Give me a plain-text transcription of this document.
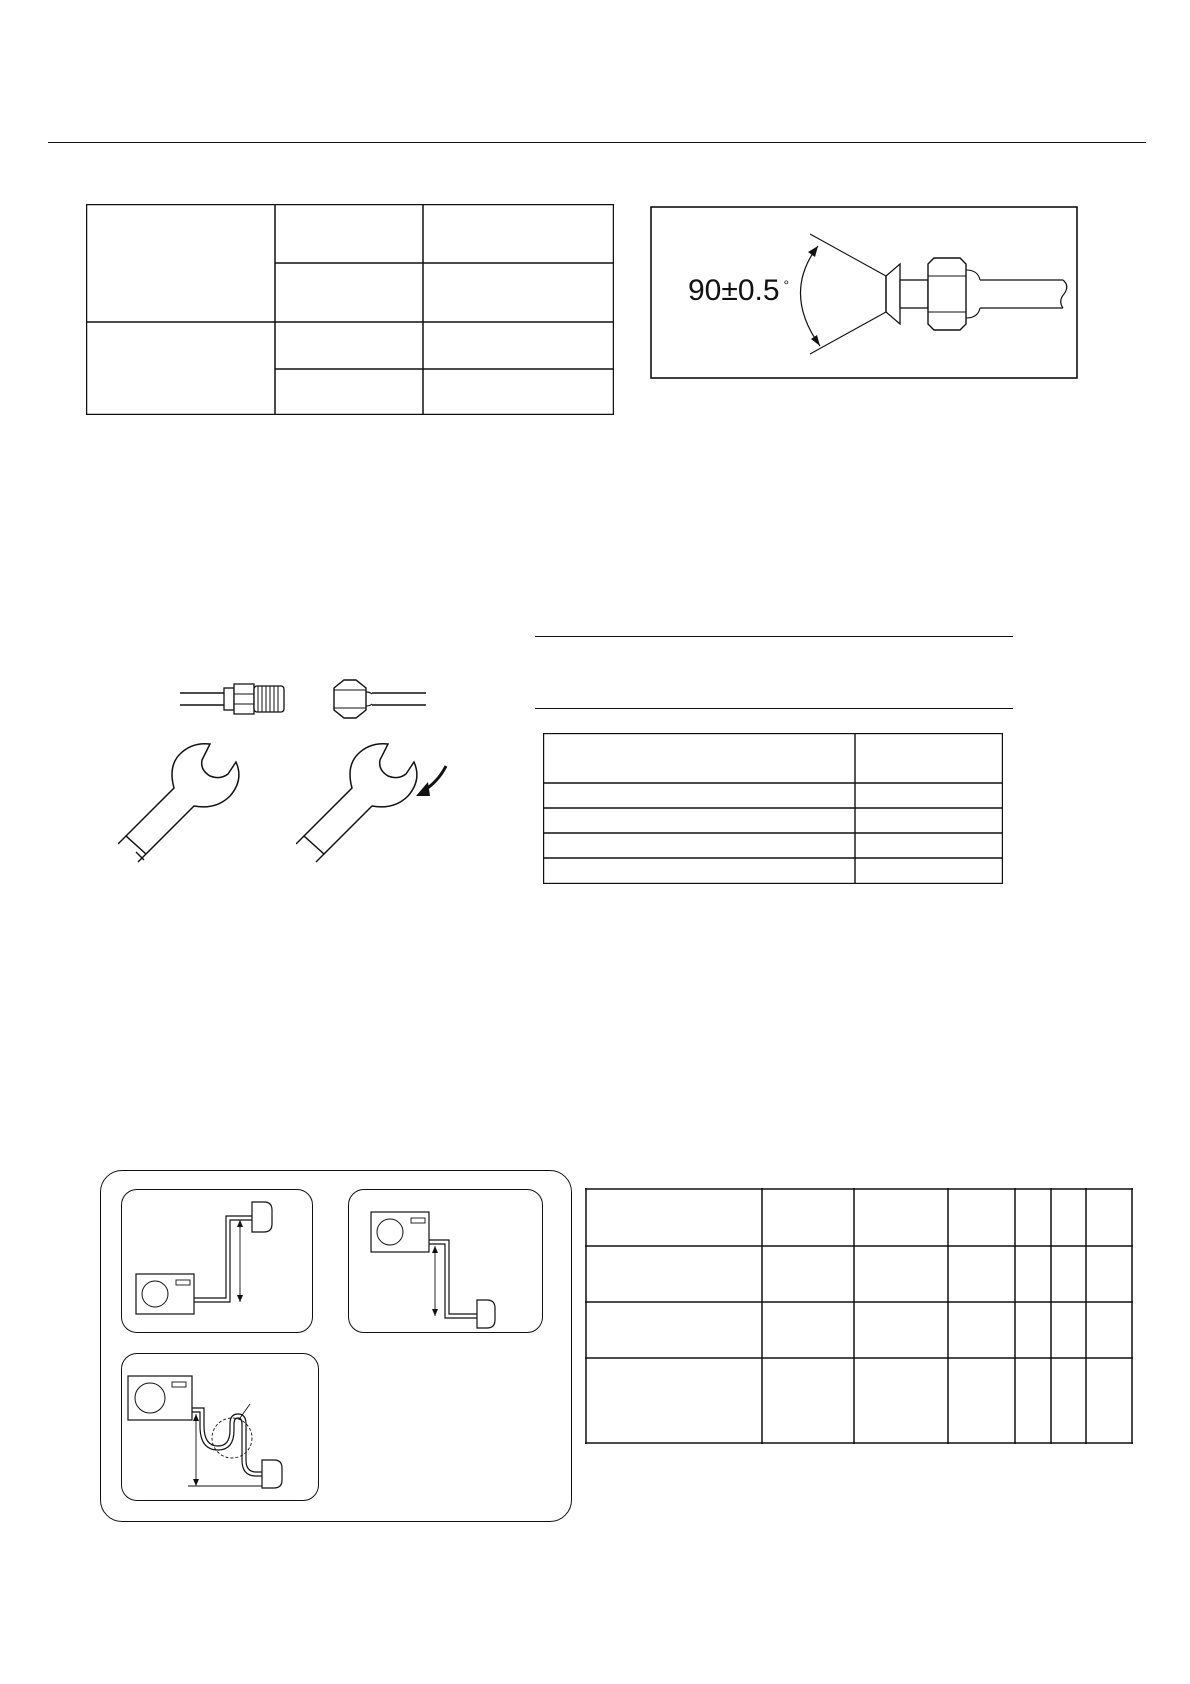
90±0.5 °
